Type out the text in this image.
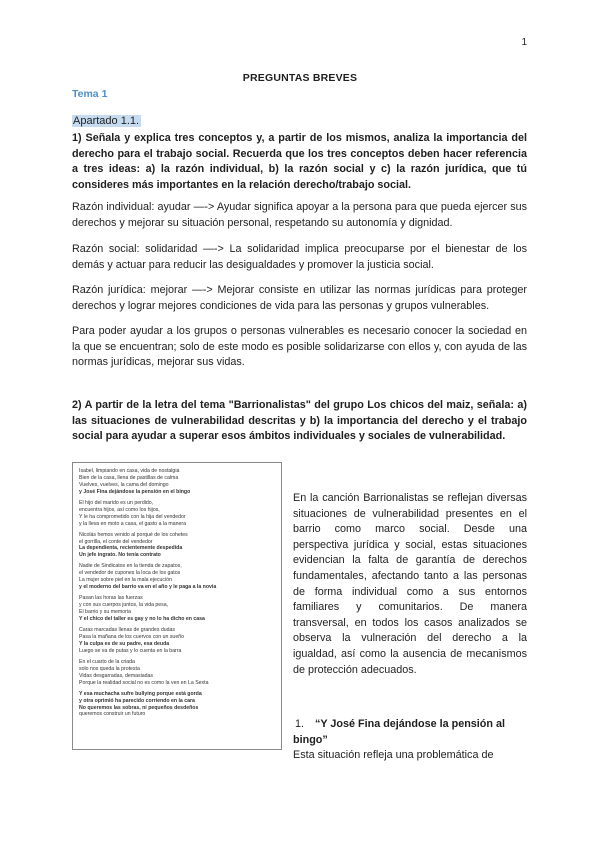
1
PREGUNTAS BREVES
Tema 1
Apartado 1.1.

1) Señala y explica tres conceptos y, a partir de los mismos, analiza la importancia del derecho para el trabajo social. Recuerda que los tres conceptos deben hacer referencia a tres ideas: a) la razón individual, b) la razón social y c) la razón jurídica, que tú consideres más importantes en la relación derecho/trabajo social.

Razón individual: ayudar —-> Ayudar significa apoyar a la persona para que pueda ejercer sus derechos y mejorar su situación personal, respetando su autonomía y dignidad.

Razón social: solidaridad —-> La solidaridad implica preocuparse por el bienestar de los demás y actuar para reducir las desigualdades y promover la justicia social.

Razón jurídica: mejorar —-> Mejorar consiste en utilizar las normas jurídicas para proteger derechos y lograr mejores condiciones de vida para las personas y grupos vulnerables.

Para poder ayudar a los grupos o personas vulnerables es necesario conocer la sociedad en la que se encuentran; solo de este modo es posible solidarizarse con ellos y, con ayuda de las normas jurídicas, mejorar sus vidas.

2) A partir de la letra del tema "Barrionalistas" del grupo Los chicos del maiz, señala: a) las situaciones de vulnerabilidad descritas y b) la importancia del derecho y el trabajo social para ayudar a superar esos ámbitos individuales y sociales de vulnerabilidad.

Isabel, limpiando en casa, vida de nostalgia
Bien de la casa, llena de pastillas de calma
Vuelves, vuelves, la cama del domingo
y José Fina dejándose la pensión en el bingo
El hijo del marido es un perdido,
encuentra hijos, así como los hijos,
Y le ha comprometido con la hija del vendedor
y la lleva en moto a casa, el gasto a la manera
Nicolás hemos venido al porqué de los cohetes
el gorrilla, el conte del vendedor
La dependienta, recientemente despedida
Un jefe ingrato. No tenía contrato
Nadie de Sindicatos en la tienda de zapatos,
el vendedor de cupones la loca de los gatos
La mujer sobre piel en la mala ejecución
y el moderno del barrio va en el año y le paga a la novia
Pasan las horas las fuerzas
y con sus cuerpos juntos, la vida pesa,
El barrio y su memoria
Y el chico del taller es gay y no lo ha dicho en casa
Caras marcadas llenas de grandes dudas
Pasa la mañana de los cuervos con un sueño
Y la culpa es de su padre, esa deuda
Luego se va de putas y lo cuenta en la barra
En el cuarto de la criada
solo nos queda la protesta
Vidas desgarradas, demasiadas
Porque la realidad social no es como la ven en La Sexta
Y esa muchacha sufre bullying porque está gorda
y otra oprimió ha parecido corriendo en la cara
No queremos las sobras, ni pequeños desdeños
queremos construir un futuro

En la canción Barrionalistas se reflejan diversas situaciones de vulnerabilidad presentes en el barrio como marco social. Desde una perspectiva jurídica y social, estas situaciones evidencian la falta de garantía de derechos fundamentales, afectando tanto a las personas de forma individual como a sus entornos familiares y comunitarios. De manera transversal, en todos los casos analizados se observa la vulneración del derecho a la igualdad, así como la ausencia de mecanismos de protección adecuados.

1. “Y José Fina dejándose la pensión al bingo”

Esta situación refleja una problemática de
